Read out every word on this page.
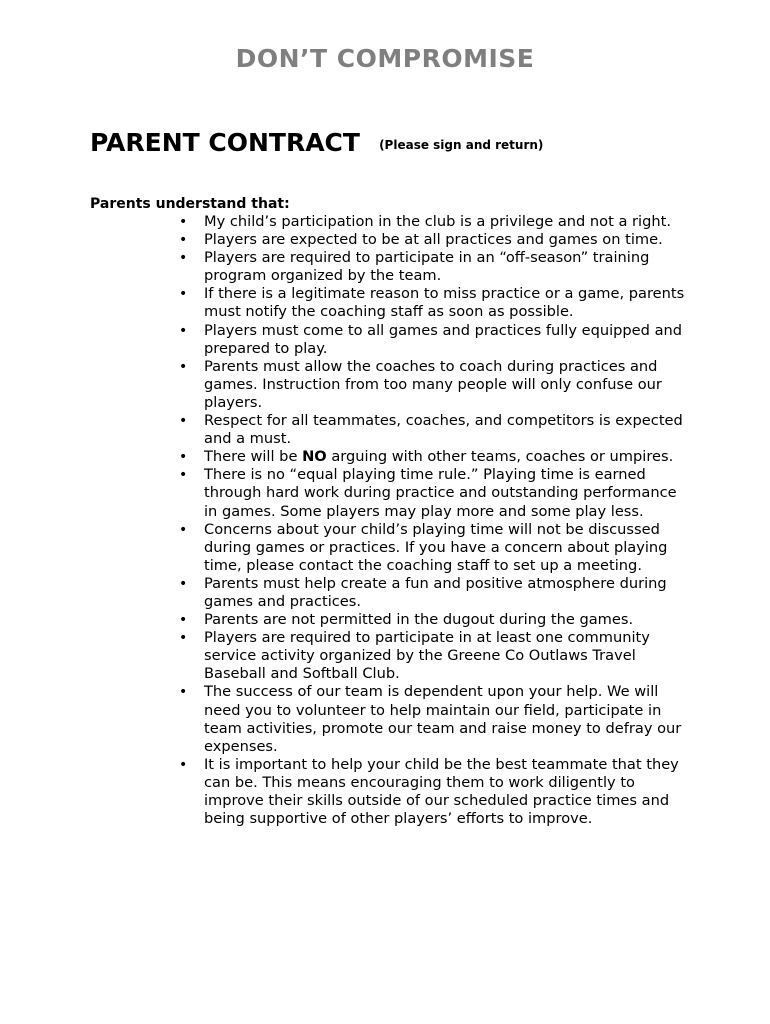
DON’T COMPROMISE
PARENT CONTRACT (Please sign and return)
Parents understand that:
• My child’s participation in the club is a privilege and not a right.
• Players are expected to be at all practices and games on time.
• Players are required to participate in an “off-season” training program organized by the team.
• If there is a legitimate reason to miss practice or a game, parents must notify the coaching staff as soon as possible.
• Players must come to all games and practices fully equipped and prepared to play.
• Parents must allow the coaches to coach during practices and games. Instruction from too many people will only confuse our players.
• Respect for all teammates, coaches, and competitors is expected and a must.
• There will be NO arguing with other teams, coaches or umpires.
• There is no “equal playing time rule.” Playing time is earned through hard work during practice and outstanding performance in games. Some players may play more and some play less.
• Concerns about your child’s playing time will not be discussed during games or practices. If you have a concern about playing time, please contact the coaching staff to set up a meeting.
• Parents must help create a fun and positive atmosphere during games and practices.
• Parents are not permitted in the dugout during the games.
• Players are required to participate in at least one community service activity organized by the Greene Co Outlaws Travel Baseball and Softball Club.
• The success of our team is dependent upon your help. We will need you to volunteer to help maintain our field, participate in team activities, promote our team and raise money to defray our expenses.
• It is important to help your child be the best teammate that they can be. This means encouraging them to work diligently to improve their skills outside of our scheduled practice times and being supportive of other players’ efforts to improve.
